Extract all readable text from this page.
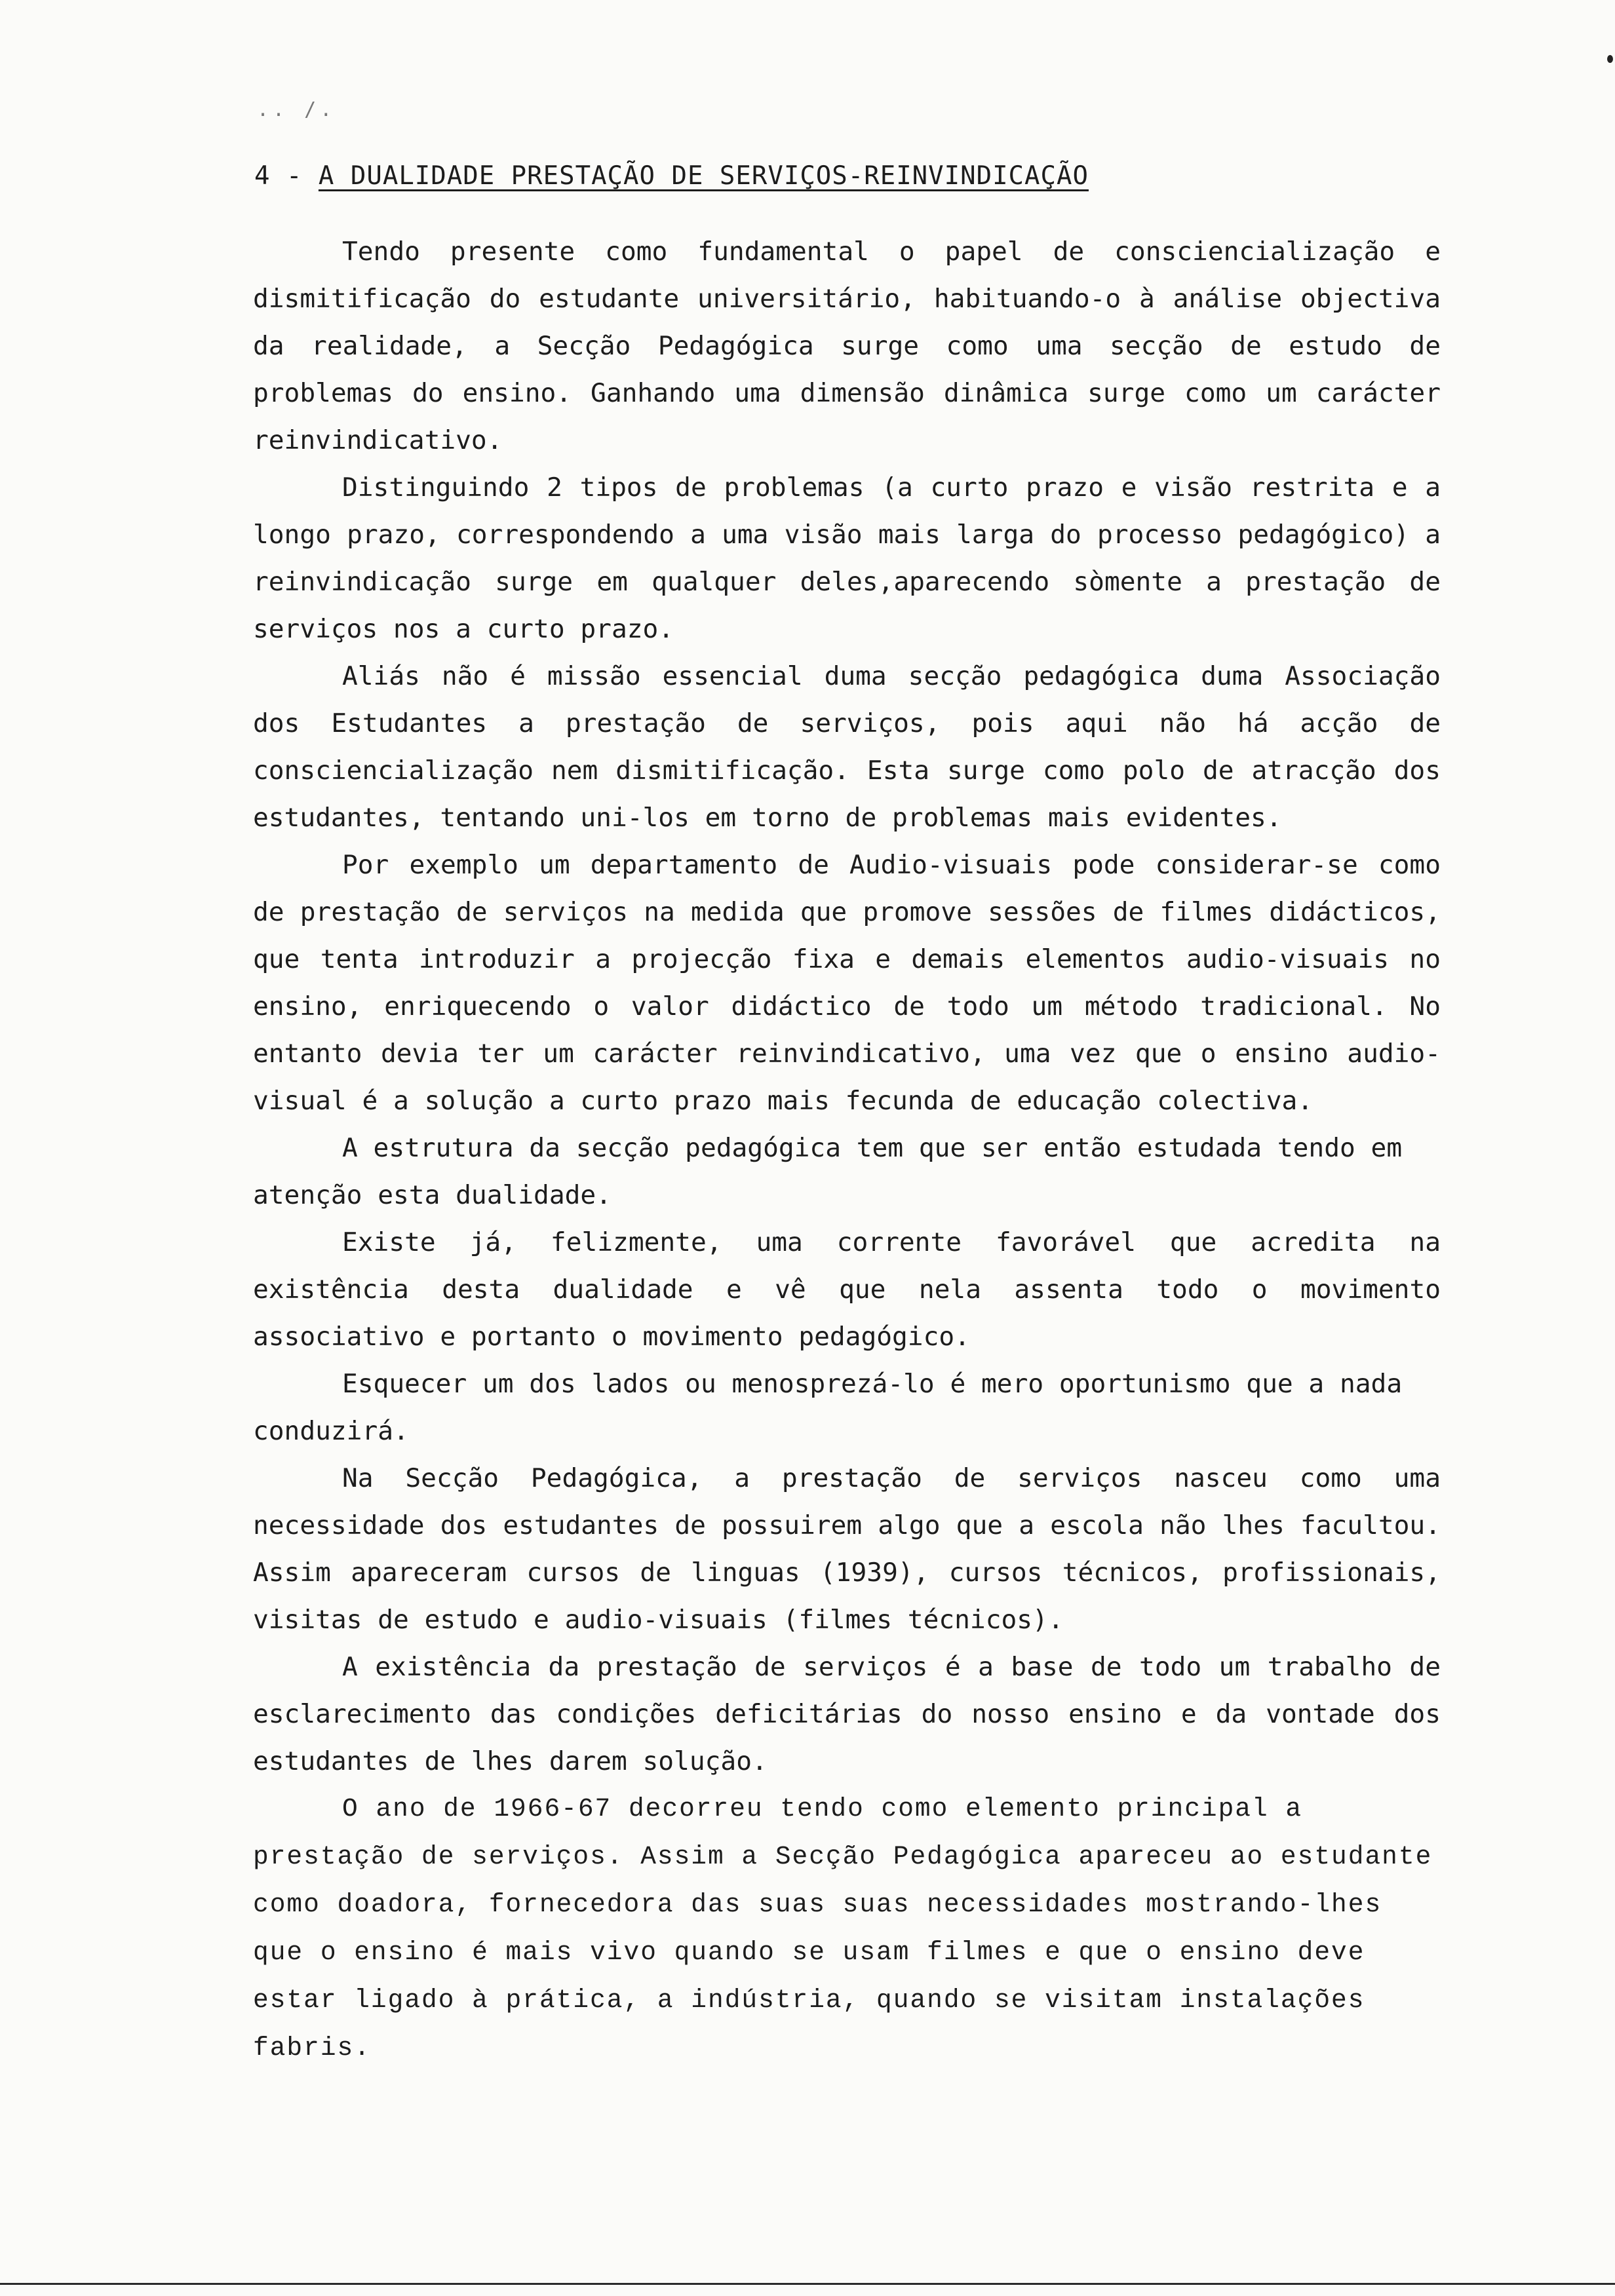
.. /.
4 - A DUALIDADE PRESTAÇÃO DE SERVIÇOS-REINVINDICAÇÃO

Tendo presente como fundamental o papel de consciencialização e dismitificação do estudante universitário, habituando-o à análise objectiva da realidade, a Secção Pedagógica surge como uma secção de estudo de problemas do ensino. Ganhando uma dimensão dinâmica surge como um carácter reinvindicativo.

Distinguindo 2 tipos de problemas (a curto prazo e visão restrita e a longo prazo, correspondendo a uma visão mais larga do processo pedagógico) a reinvindicação surge em qualquer deles,aparecendo sòmente a prestação de serviços nos a curto prazo.

Aliás não é missão essencial duma secção pedagógica duma Associação dos Estudantes a prestação de serviços, pois aqui não há acção de consciencialização nem dismitificação. Esta surge como polo de atracção dos estudantes, tentando uni-los em torno de problemas mais evidentes.

Por exemplo um departamento de Audio-visuais pode considerar-se como de prestação de serviços na medida que promove sessões de filmes didácticos, que tenta introduzir a projecção fixa e demais elementos audio-visuais no ensino, enriquecendo o valor didáctico de todo um método tradicional. No entanto devia ter um carácter reinvindicativo, uma vez que o ensino audio-visual é a solução a curto prazo mais fecunda de educação colectiva.

A estrutura da secção pedagógica tem que ser então estudada tendo em atenção esta dualidade.

Existe já, felizmente, uma corrente favorável que acredita na existência desta dualidade e vê que nela assenta todo o movimento associativo e portanto o movimento pedagógico.

Esquecer um dos lados ou menosprezá-lo é mero oportunismo que a nada conduzirá.

Na Secção Pedagógica, a prestação de serviços nasceu como uma necessidade dos estudantes de possuirem algo que a escola não lhes facultou. Assim apareceram cursos de linguas (1939), cursos técnicos, profissionais, visitas de estudo e audio-visuais (filmes técnicos).

A existência da prestação de serviços é a base de todo um trabalho de esclarecimento das condições deficitárias do nosso ensino e da vontade dos estudantes de lhes darem solução.

O ano de 1966-67 decorreu tendo como elemento principal a prestação de serviços. Assim a Secção Pedagógica apareceu ao estudante como doadora, fornecedora das suas suas necessidades mostrando-lhes que o ensino é mais vivo quando se usam filmes e que o ensino deve estar ligado à prática, a indústria, quando se visitam instalações fabris.
